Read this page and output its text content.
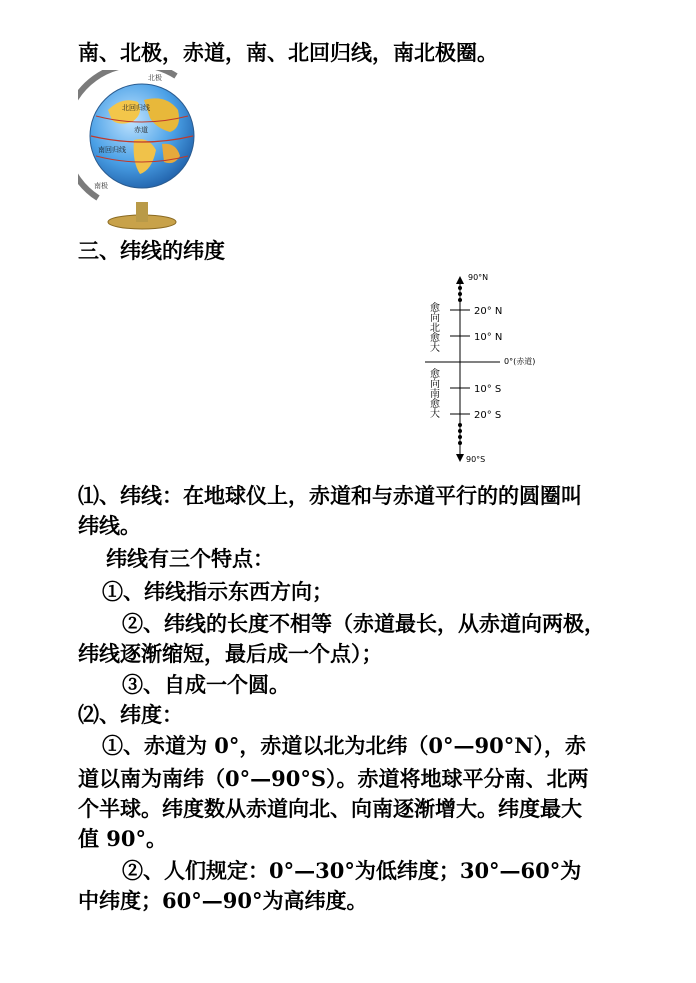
南、北极，赤道，南、北回归线，南北极圈。
北极
北回归线
赤道
南回归线
南极
三、纬线的纬度
90°N
20° N
10° N
0°(赤道)
10° S
20° S
90°S
愈向北愈大
愈向南愈大
⑴、纬线：在地球仪上，赤道和与赤道平行的的圆圈叫
纬线。
纬线有三个特点：
①、纬线指示东西方向；
②、纬线的长度不相等（赤道最长，从赤道向两极，
纬线逐渐缩短，最后成一个点）；
③、自成一个圆。
⑵、纬度：
①、赤道为 0°，赤道以北为北纬（0°—90°N），赤
道以南为南纬（0°—90°S）。赤道将地球平分南、北两
个半球。纬度数从赤道向北、向南逐渐增大。纬度最大
值 90°。
②、人们规定：0°—30°为低纬度；30°—60°为
中纬度；60°—90°为高纬度。
